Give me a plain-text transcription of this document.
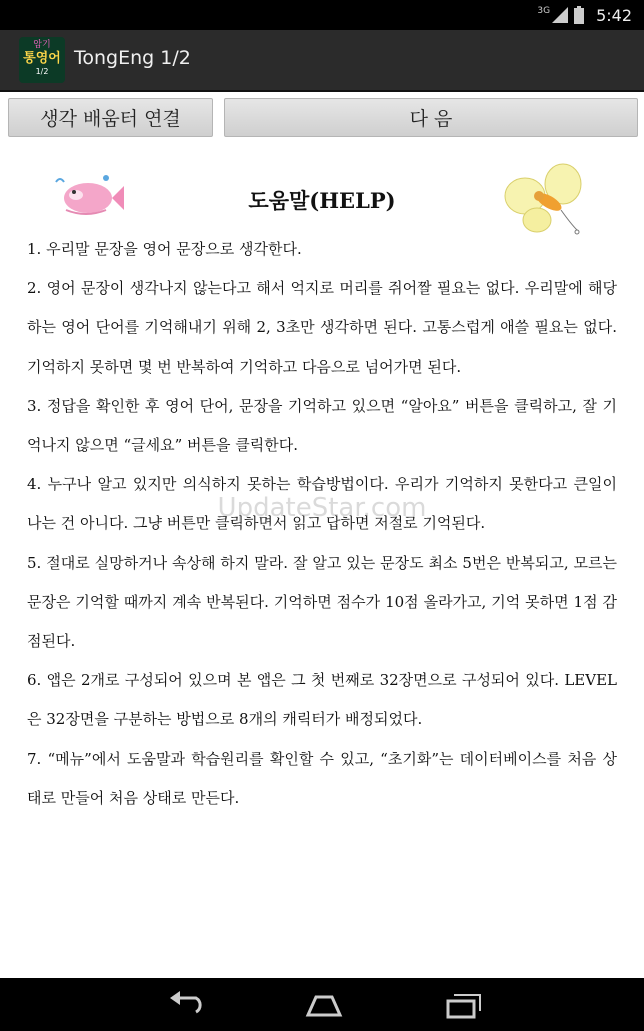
3G	5:42
암기
통영어
1/2
TongEng 1/2
생각 배움터 연결	다 음
도움말(HELP)

1. 우리말 문장을 영어 문장으로 생각한다.

2. 영어 문장이 생각나지 않는다고 해서 억지로 머리를 쥐어짤 필요는 없다. 우리말에 해당하는 영어 단어를 기억해내기 위해 2, 3초만 생각하면 된다. 고통스럽게 애쓸 필요는 없다. 기억하지 못하면 몇 번 반복하여 기억하고 다음으로 넘어가면 된다.

3. 정답을 확인한 후 영어 단어, 문장을 기억하고 있으면 “알아요” 버튼을 클릭하고, 잘 기억나지 않으면 “글세요” 버튼을 클릭한다.

4. 누구나 알고 있지만 의식하지 못하는 학습방법이다. 우리가 기억하지 못한다고 큰일이 나는 건 아니다. 그냥 버튼만 클릭하면서 읽고 답하면 저절로 기억된다.

5. 절대로 실망하거나 속상해 하지 말라. 잘 알고 있는 문장도 최소 5번은 반복되고, 모르는 문장은 기억할 때까지 계속 반복된다. 기억하면 점수가 10점 올라가고, 기억 못하면 1점 감점된다.

6. 앱은 2개로 구성되어 있으며 본 앱은 그 첫 번째로 32장면으로 구성되어 있다. LEVEL은 32장면을 구분하는 방법으로 8개의 캐릭터가 배정되었다.

7. “메뉴”에서 도움말과 학습원리를 확인할 수 있고, “초기화”는 데이터베이스를 처음 상태로 만들어 처음 상태로 만든다.

UpdateStar.com
